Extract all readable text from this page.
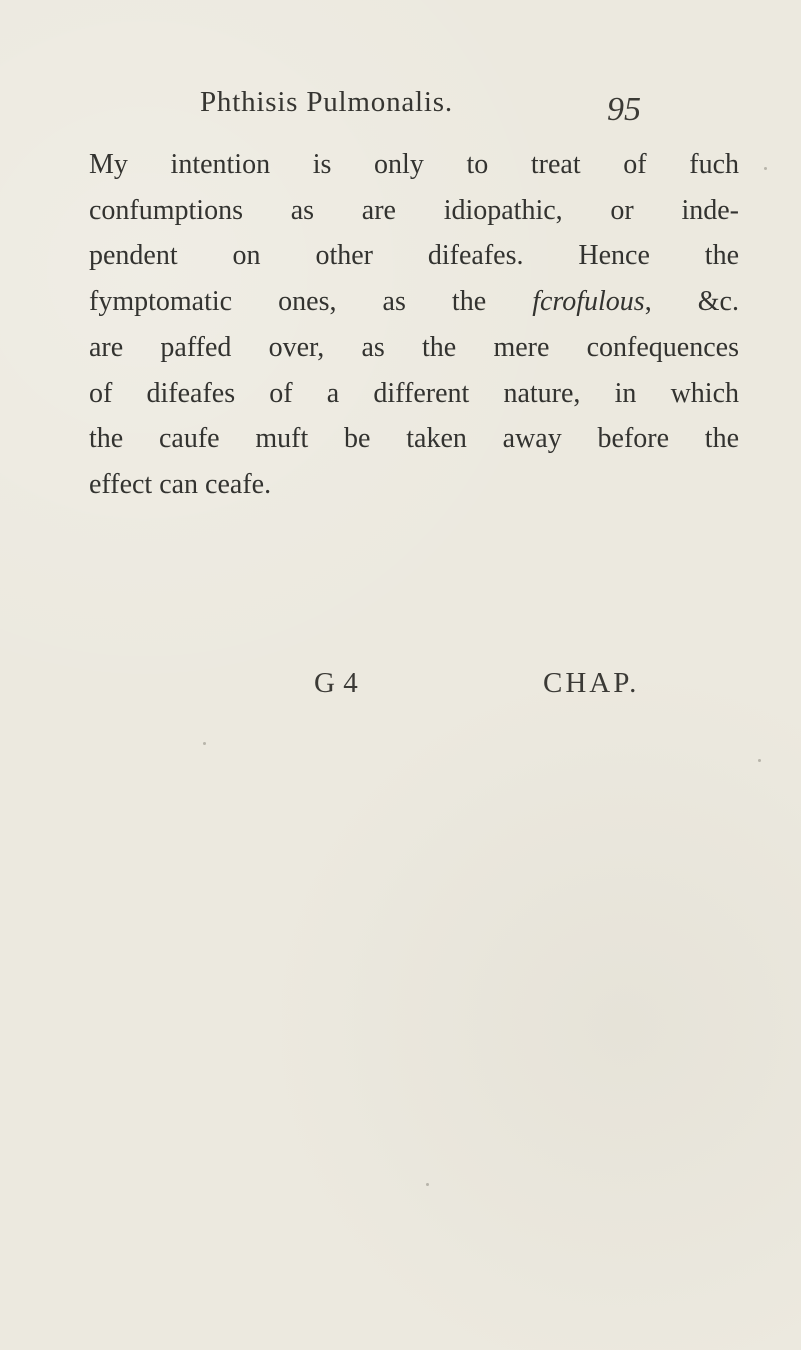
Phthisis Pulmonalis.	95
My intention is only to treat of fuch
confumptions as are idiopathic, or inde-
pendent on other difeafes. Hence the
fymptomatic ones, as the fcrofulous, &c.
are paffed over, as the mere confequences
of difeafes of a different nature, in which
the caufe muft be taken away before the
effect can ceafe.
G 4	CHAP.
